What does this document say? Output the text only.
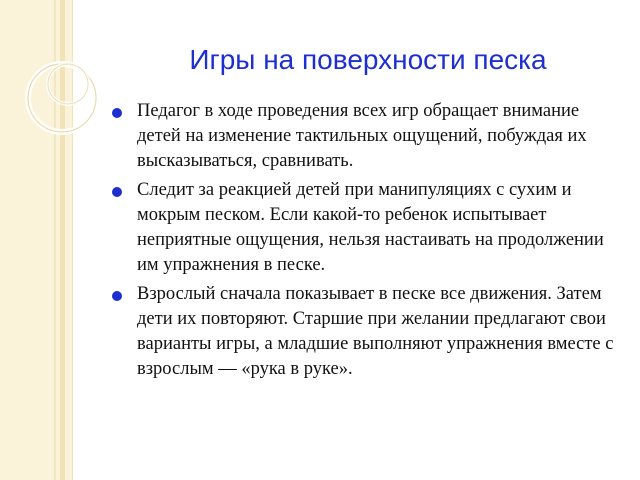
Игры на поверхности песка
Педагог в ходе проведения всех игр обращает внимание детей на изменение тактильных ощущений, побуждая их высказываться, сравнивать.
Следит за реакцией детей при манипуляциях с сухим и мокрым песком. Если какой-то ребенок испытывает неприятные ощущения, нельзя настаивать на продолжении им упражнения в песке.
Взрослый сначала показывает в песке все движения. Затем дети их повторяют. Старшие при желании предлагают свои варианты игры, а младшие выполняют упражнения вместе с взрослым — «рука в руке».
